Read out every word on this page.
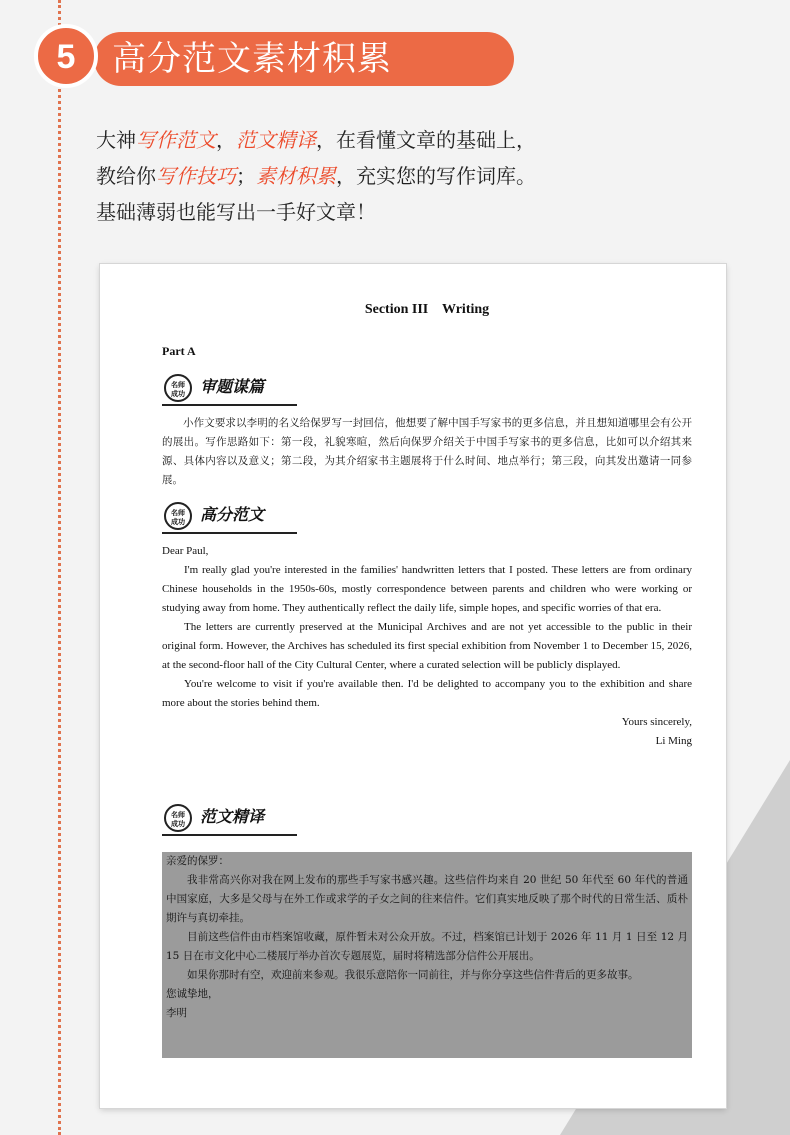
5	高分范文素材积累
大神写作范文，范文精译，在看懂文章的基础上，
教给你写作技巧；素材积累，充实您的写作词库。
基础薄弱也能写出一手好文章！
Section III    Writing
Part A
名师
成功 审题谋篇

小作文要求以李明的名义给保罗写一封回信，他想要了解中国手写家书的更多信息，并且想知道哪里会有公开的展出。写作思路如下：第一段，礼貌寒暄，然后向保罗介绍关于中国手写家书的更多信息，比如可以介绍其来源、具体内容以及意义；第二段，为其介绍家书主题展将于什么时间、地点举行；第三段，向其发出邀请一同参展。

名师
成功 高分范文
Dear Paul,
I'm really glad you're interested in the families' handwritten letters that I posted. These letters are from ordinary Chinese households in the 1950s-60s, mostly correspondence between parents and children who were working or studying away from home. They authentically reflect the daily life, simple hopes, and specific worries of that era.
The letters are currently preserved at the Municipal Archives and are not yet accessible to the public in their original form. However, the Archives has scheduled its first special exhibition from November 1 to December 15, 2026, at the second-floor hall of the City Cultural Center, where a curated selection will be publicly displayed.
You're welcome to visit if you're available then. I'd be delighted to accompany you to the exhibition and share more about the stories behind them.
Yours sincerely,
Li Ming
名师
成功 范文精译

亲爱的保罗：

我非常高兴你对我在网上发布的那些手写家书感兴趣。这些信件均来自 20 世纪 50 年代至 60 年代的普通中国家庭，大多是父母与在外工作或求学的子女之间的往来信件。它们真实地反映了那个时代的日常生活、质朴期许与真切牵挂。

目前这些信件由市档案馆收藏，原件暂未对公众开放。不过，档案馆已计划于 2026 年 11 月 1 日至 12 月 15 日在市文化中心二楼展厅举办首次专题展览，届时将精选部分信件公开展出。

如果你那时有空，欢迎前来参观。我很乐意陪你一同前往，并与你分享这些信件背后的更多故事。

您诚挚地，

李明
